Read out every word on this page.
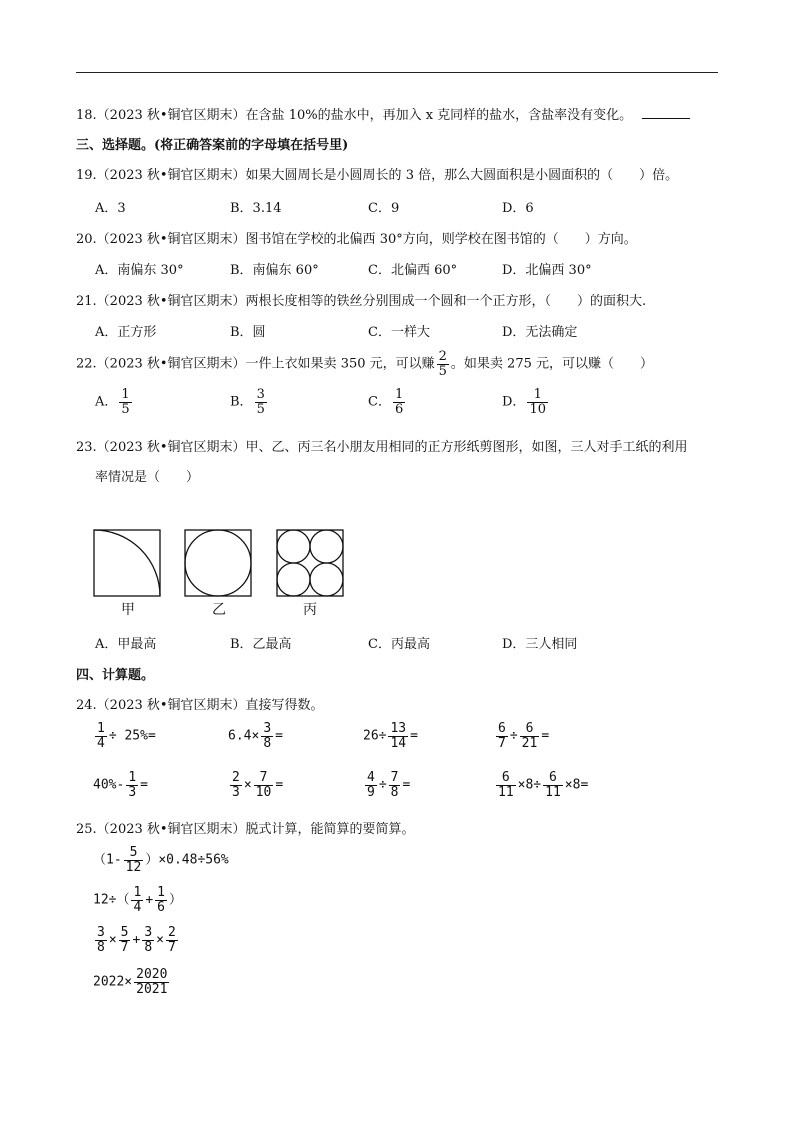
18.（2023 秋•铜官区期末）在含盐 10%的盐水中，再加入 x 克同样的盐水，含盐率没有变化。
三、选择题。(将正确答案前的字母填在括号里)
19.（2023 秋•铜官区期末）如果大圆周长是小圆周长的 3 倍，那么大圆面积是小圆面积的（　　）倍。
A．3	B．3.14	C．9	D．6
20.（2023 秋•铜官区期末）图书馆在学校的北偏西 30°方向，则学校在图书馆的（　　）方向。
A．南偏东 30°	B．南偏东 60°	C．北偏西 60°	D．北偏西 30°
21.（2023 秋•铜官区期末）两根长度相等的铁丝分别围成一个圆和一个正方形，（　　）的面积大.
A．正方形	B．圆	C．一样大	D．无法确定
22.（2023 秋•铜官区期末）一件上衣如果卖 350 元，可以赚 $\frac{2}{5}$ 。如果卖 275 元，可以赚（　　）
A． $\frac{1}{5}$	B． $\frac{3}{5}$	C． $\frac{1}{6}$	D． $\frac{1}{10}$
23.（2023 秋•铜官区期末）甲、乙、丙三名小朋友用相同的正方形纸剪图形，如图，三人对手工纸的利用
率情况是（　　）
甲	乙	丙
A．甲最高	B．乙最高	C．丙最高	D．三人相同
四、计算题。
24.（2023 秋•铜官区期末）直接写得数。
$\frac{1}{4} \div 25\%=$	$6.4\times \frac{3}{8}$ =	$26\div \frac{13}{14}$ =	$\frac{6}{7} \div \frac{6}{21}$ =
$40\%- \frac{1}{3}$ =	$\frac{2}{3} \times \frac{7}{10}$ =	$\frac{4}{9} \div \frac{7}{8}$ =	$\frac{6}{11} \times 8\div \frac{6}{11} \times 8=$
25.（2023 秋•铜官区期末）脱式计算，能简算的要简算。
$(1- \frac{5}{12} )\times 0.48\div 56\%$
$12\div( \frac{1}{4} + \frac{1}{6}$ ）
$\frac{3}{8} \times \frac{5}{7} + \frac{3}{8} \times \frac{2}{7}$
$2022\times \frac{2020}{2021}$
